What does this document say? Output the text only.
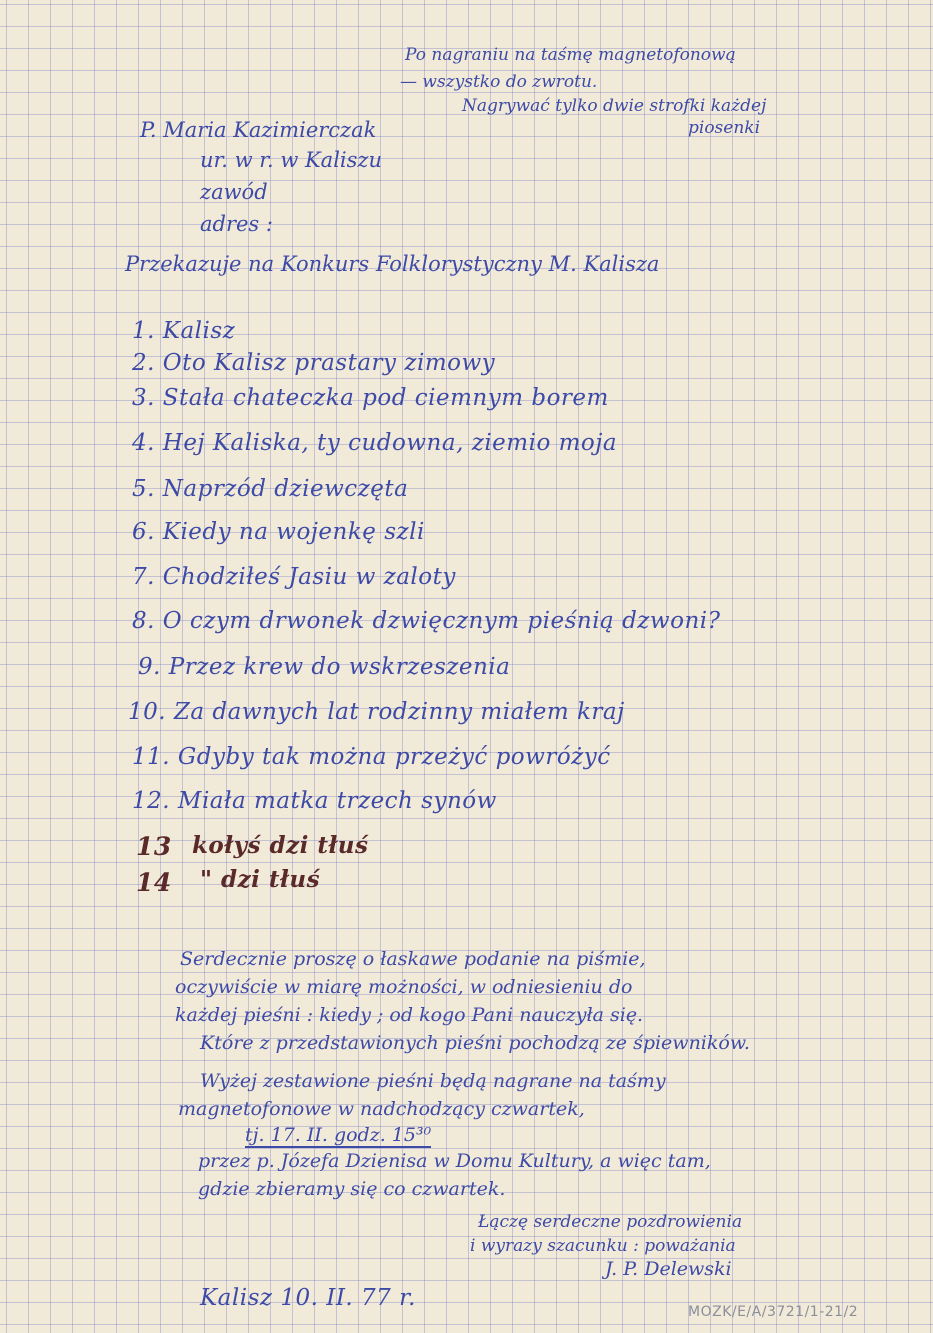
Po nagraniu na taśmę magnetofonową
— wszystko do zwrotu.
Nagrywać tylko dwie strofki każdej
piosenki
P. Maria Kazimierczak
ur. w r. w Kaliszu
zawód
adres :
Przekazuje na Konkurs Folklorystyczny M. Kalisza
1. Kalisz
2. Oto Kalisz prastary zimowy
3. Stała chateczka pod ciemnym borem
4. Hej Kaliska, ty cudowna, ziemio moja
5. Naprzód dziewczęta
6. Kiedy na wojenkę szli
7. Chodziłeś Jasiu w zaloty
8. O czym drwonek dzwięcznym pieśnią dzwoni?
9. Przez krew do wskrzeszenia
10. Za dawnych lat rodzinny miałem kraj
11. Gdyby tak można przeżyć powróżyć
12. Miała matka trzech synów
13 kołyś dzi tłuś
14 " dzi tłuś
Serdecznie proszę o łaskawe podanie na piśmie,
oczywiście w miarę możności, w odniesieniu do
każdej pieśni : kiedy ; od kogo Pani nauczyła się.
Które z przedstawionych pieśni pochodzą ze śpiewników.
Wyżej zestawione pieśni będą nagrane na taśmy
magnetofonowe w nadchodzący czwartek,
tj. 17. II. godz. 15³⁰
przez p. Józefa Dzienisa w Domu Kultury, a więc tam,
gdzie zbieramy się co czwartek.
Łączę serdeczne pozdrowienia
i wyrazy szacunku : poważania
J. P. Delewski
Kalisz 10. II. 77 r.
MOZK/E/A/3721/1-21/2
